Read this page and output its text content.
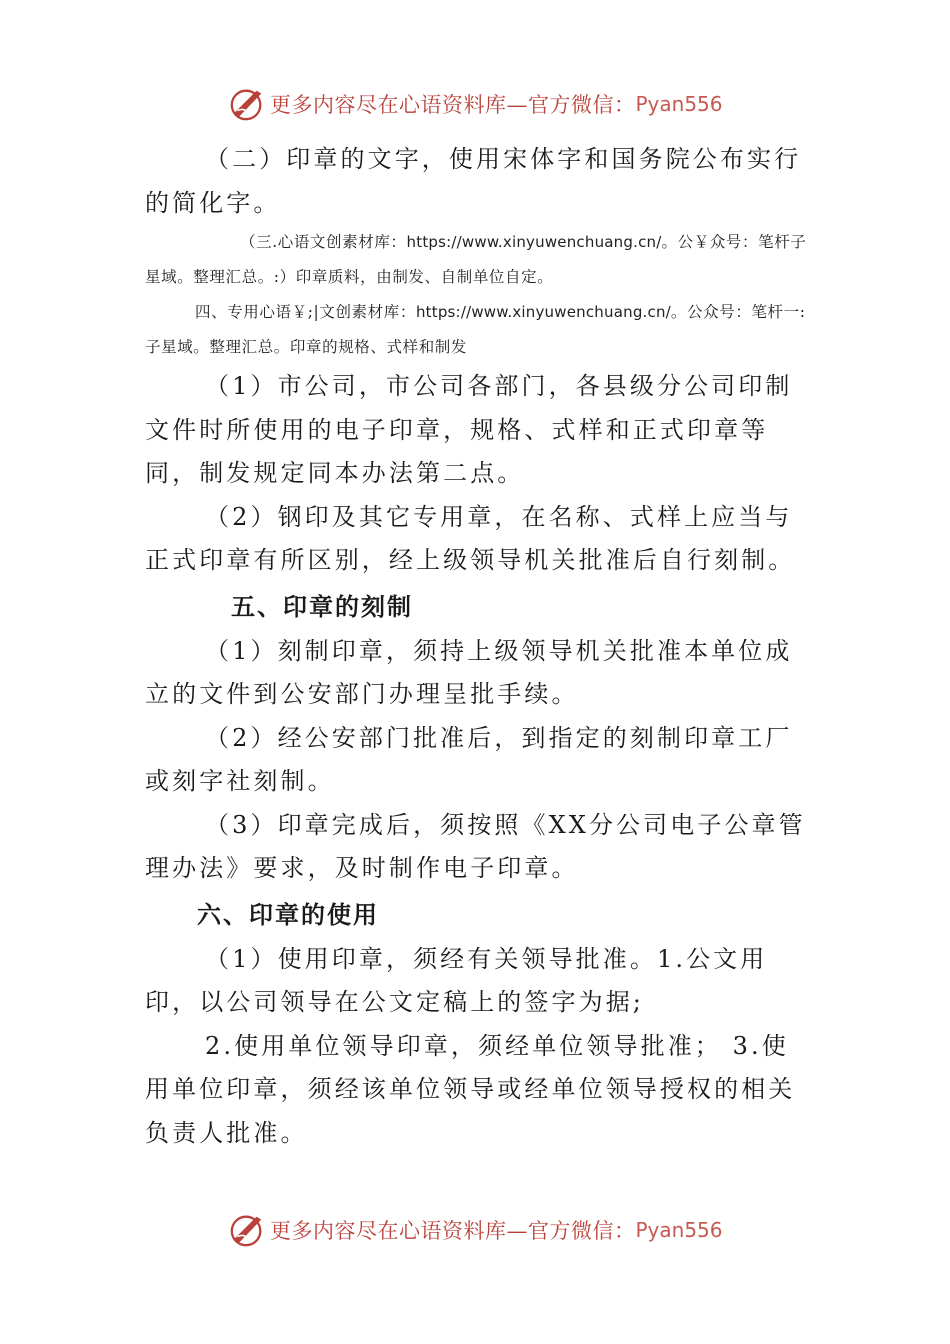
更多内容尽在心语资料库—官方微信： Pyan556

（二）印章的文字，使用宋体字和国务院公布实行的简化字。

（三.心语文创素材库：https://www.xinyuwenchuang.cn/。公￥众号：笔杆子星域。整理汇总。:）印章质料，由制发、自制单位自定。

四、专用心语￥;|文创素材库：https://www.xinyuwenchuang.cn/。公众号：笔杆一:子星域。整理汇总。印章的规格、式样和制发

（1）市公司，市公司各部门，各县级分公司印制文件时所使用的电子印章，规格、式样和正式印章等同，制发规定同本办法第二点。

（2）钢印及其它专用章，在名称、式样上应当与正式印章有所区别，经上级领导机关批准后自行刻制。

五、印章的刻制

（1）刻制印章，须持上级领导机关批准本单位成立的文件到公安部门办理呈批手续。

（2）经公安部门批准后，到指定的刻制印章工厂或刻字社刻制。

（3）印章完成后，须按照《XX分公司电子公章管理办法》要求，及时制作电子印章。

六、印章的使用

（1）使用印章，须经有关领导批准。1.公文用印，以公司领导在公文定稿上的签字为据;

2.使用单位领导印章，须经单位领导批准； 3.使用单位印章，须经该单位领导或经单位领导授权的相关负责人批准。

更多内容尽在心语资料库—官方微信： Pyan556
